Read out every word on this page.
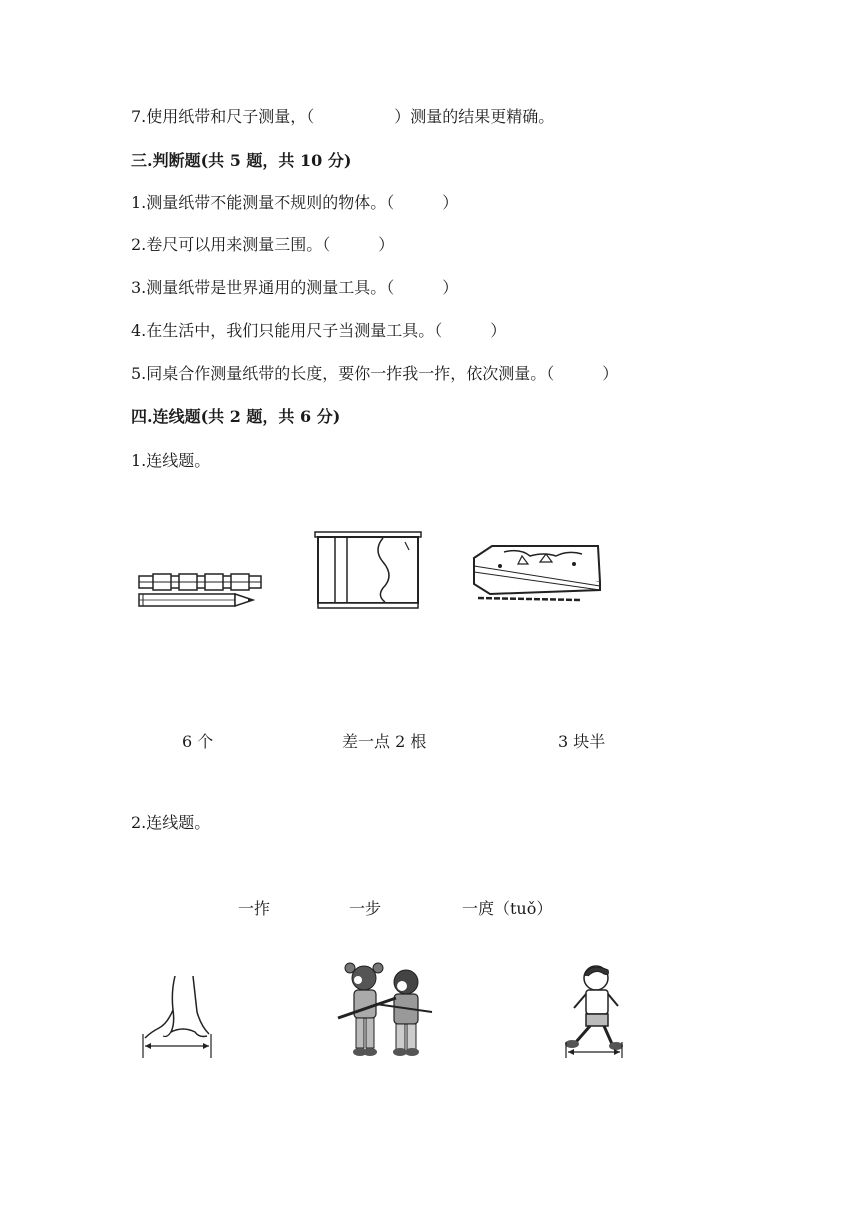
7.使用纸带和尺子测量，（　　　　　）测量的结果更精确。
三.判断题(共 5 题，共 10 分)
1.测量纸带不能测量不规则的物体。（　　　）
2.卷尺可以用来测量三围。（　　　）
3.测量纸带是世界通用的测量工具。（　　　）
4.在生活中，我们只能用尺子当测量工具。（　　　）
5.同桌合作测量纸带的长度，要你一拃我一拃，依次测量。（　　　）
四.连线题(共 2 题，共 6 分)
1.连线题。
6 个	差一点 2 根	3 块半
2.连线题。
一拃	一步	一庹（tuǒ）
